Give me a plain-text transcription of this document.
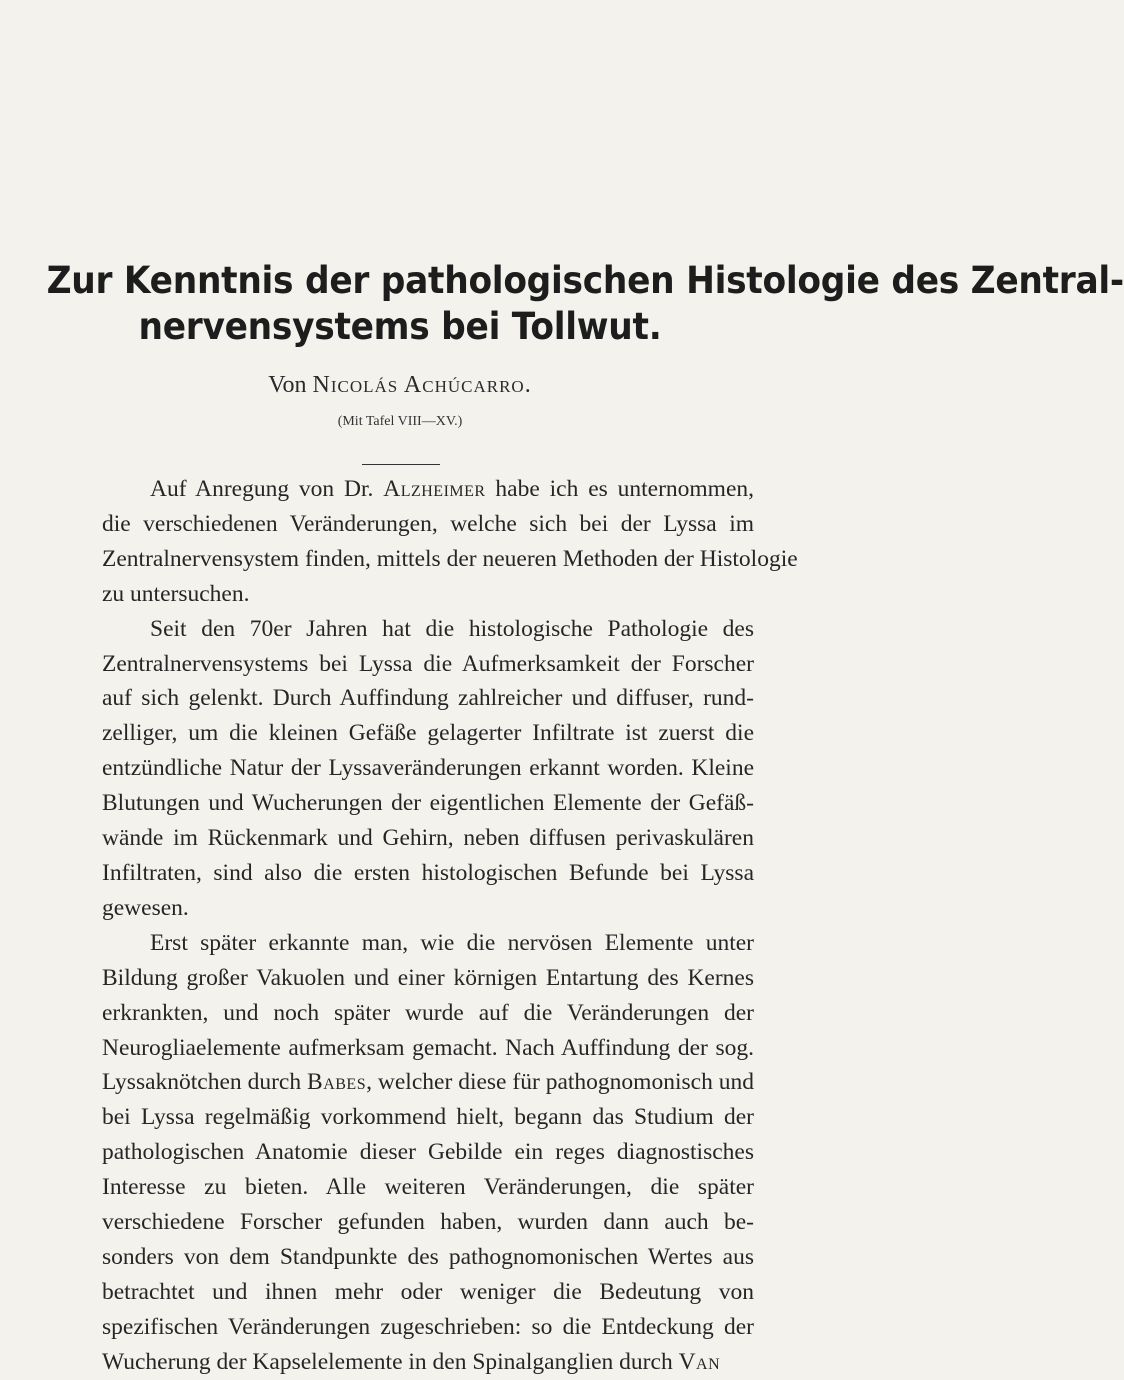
Zur Kenntnis der pathologischen Histologie des Zentral-
nervensystems bei Tollwut.
Von Nicolás Achúcarro.
(Mit Tafel VIII—XV.)

Auf Anregung von Dr. Alzheimer habe ich es unternommen,
die verschiedenen Veränderungen, welche sich bei der Lyssa im
Zentralnervensystem finden, mittels der neueren Methoden der Histologie
zu untersuchen.

Seit den 70er Jahren hat die histologische Pathologie des
Zentralnervensystems bei Lyssa die Aufmerksamkeit der Forscher
auf sich gelenkt. Durch Auffindung zahlreicher und diffuser, rund-
zelliger, um die kleinen Gefäße gelagerter Infiltrate ist zuerst die
entzündliche Natur der Lyssaveränderungen erkannt worden. Kleine
Blutungen und Wucherungen der eigentlichen Elemente der Gefäß-
wände im Rückenmark und Gehirn, neben diffusen perivaskulären
Infiltraten, sind also die ersten histologischen Befunde bei Lyssa
gewesen.

Erst später erkannte man, wie die nervösen Elemente unter
Bildung großer Vakuolen und einer körnigen Entartung des Kernes
erkrankten, und noch später wurde auf die Veränderungen der
Neurogliaelemente aufmerksam gemacht. Nach Auffindung der sog.
Lyssaknötchen durch Babes, welcher diese für pathognomonisch und
bei Lyssa regelmäßig vorkommend hielt, begann das Studium der
pathologischen Anatomie dieser Gebilde ein reges diagnostisches
Interesse zu bieten. Alle weiteren Veränderungen, die später
verschiedene Forscher gefunden haben, wurden dann auch be-
sonders von dem Standpunkte des pathognomonischen Wertes aus
betrachtet und ihnen mehr oder weniger die Bedeutung von
spezifischen Veränderungen zugeschrieben: so die Entdeckung der
Wucherung der Kapselelemente in den Spinalganglien durch Van
